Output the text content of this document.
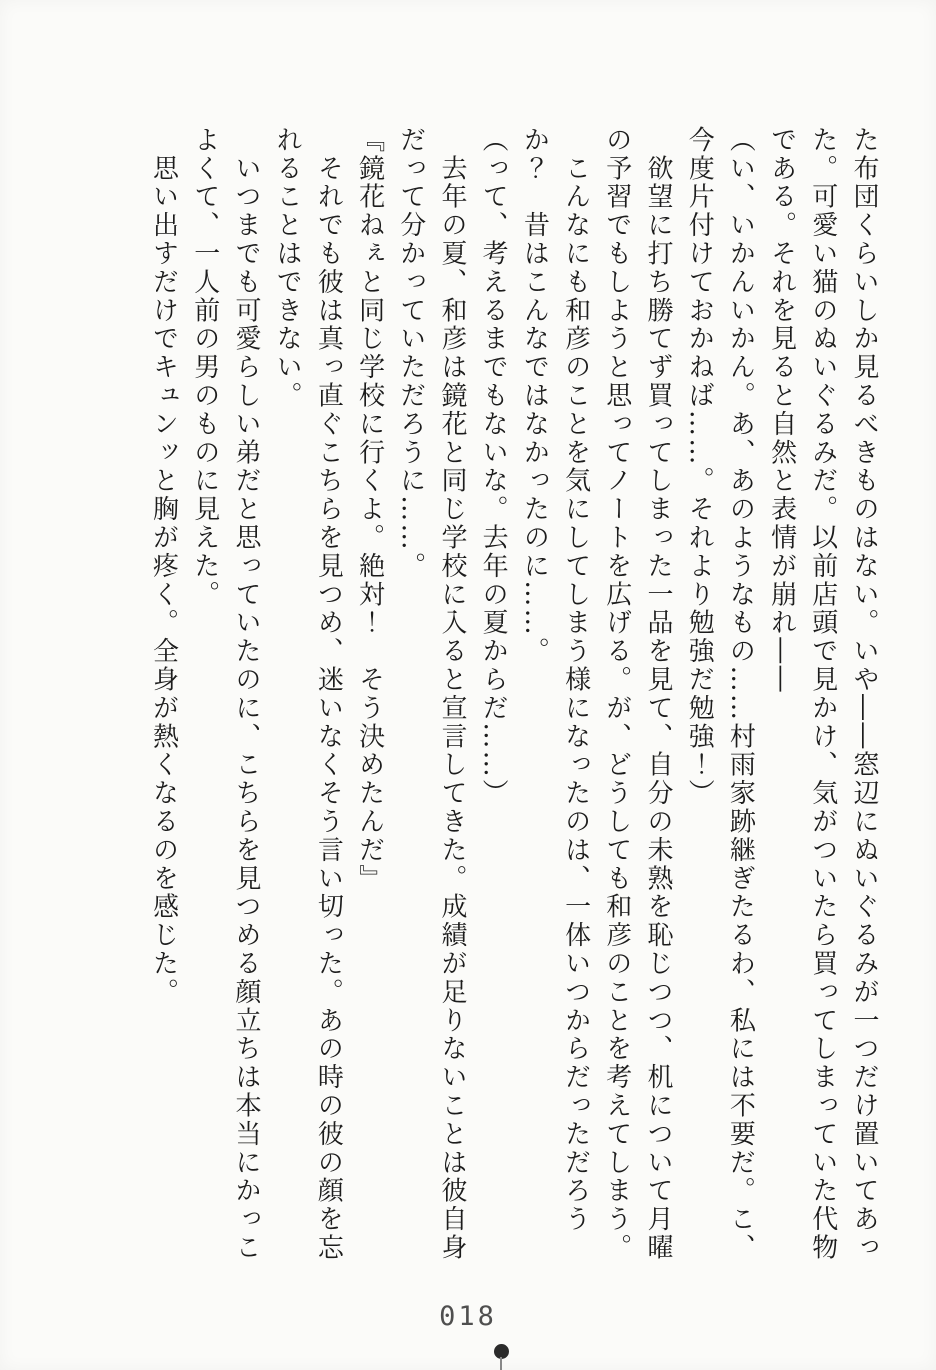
た布団くらいしか見るべきものはない。いや――窓辺にぬいぐるみが一つだけ置いてあっ

た。可愛い猫のぬいぐるみだ。以前店頭で見かけ、気がついたら買ってしまっていた代物

である。それを見ると自然と表情が崩れ――

（い、いかんいかん。あ、あのようなもの……村雨家跡継ぎたるわ、私には不要だ。こ、

今度片付けておかねば……。それより勉強だ勉強！）

　欲望に打ち勝てず買ってしまった一品を見て、自分の未熟を恥じつつ、机について月曜

の予習でもしようと思ってノートを広げる。が、どうしても和彦のことを考えてしまう。

　こんなにも和彦のことを気にしてしまう様になったのは、一体いつからだっただろう

か？　昔はこんなではなかったのに……。

（って、考えるまでもないな。去年の夏からだ……）

　去年の夏、和彦は鏡花と同じ学校に入ると宣言してきた。成績が足りないことは彼自身

だって分かっていただろうに……。

『鏡花ねぇと同じ学校に行くよ。絶対！　そう決めたんだ』

　それでも彼は真っ直ぐこちらを見つめ、迷いなくそう言い切った。あの時の彼の顔を忘

れることはできない。

　いつまでも可愛らしい弟だと思っていたのに、こちらを見つめる顔立ちは本当にかっこ

よくて、一人前の男のものに見えた。

　思い出すだけでキュンッと胸が疼く。全身が熱くなるのを感じた。

018
